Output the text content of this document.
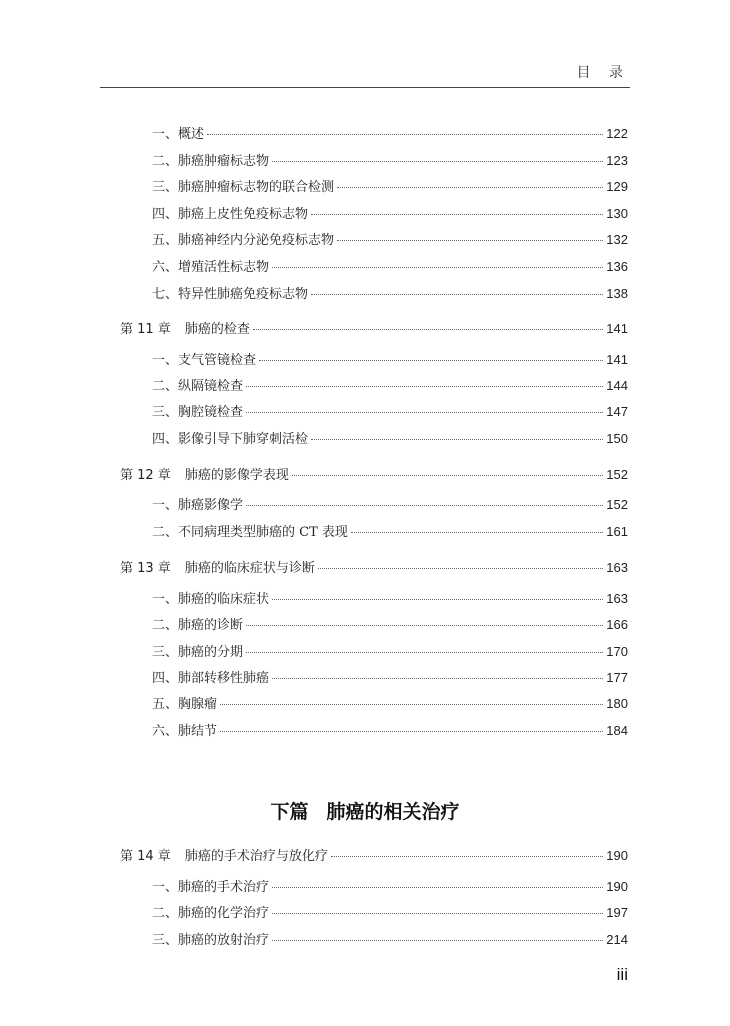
目 录
一、概述	122
二、肺癌肿瘤标志物	123
三、肺癌肿瘤标志物的联合检测	129
四、肺癌上皮性免疫标志物	130
五、肺癌神经内分泌免疫标志物	132
六、增殖活性标志物	136
七、特异性肺癌免疫标志物	138
第 11 章 肺癌的检查	141
一、支气管镜检查	141
二、纵隔镜检查	144
三、胸腔镜检查	147
四、影像引导下肺穿刺活检	150
第 12 章 肺癌的影像学表现	152
一、肺癌影像学	152
二、不同病理类型肺癌的 CT 表现	161
第 13 章 肺癌的临床症状与诊断	163
一、肺癌的临床症状	163
二、肺癌的诊断	166
三、肺癌的分期	170
四、肺部转移性肺癌	177
五、胸腺瘤	180
六、肺结节	184
下篇 肺癌的相关治疗
第 14 章 肺癌的手术治疗与放化疗	190
一、肺癌的手术治疗	190
二、肺癌的化学治疗	197
三、肺癌的放射治疗	214
iii
